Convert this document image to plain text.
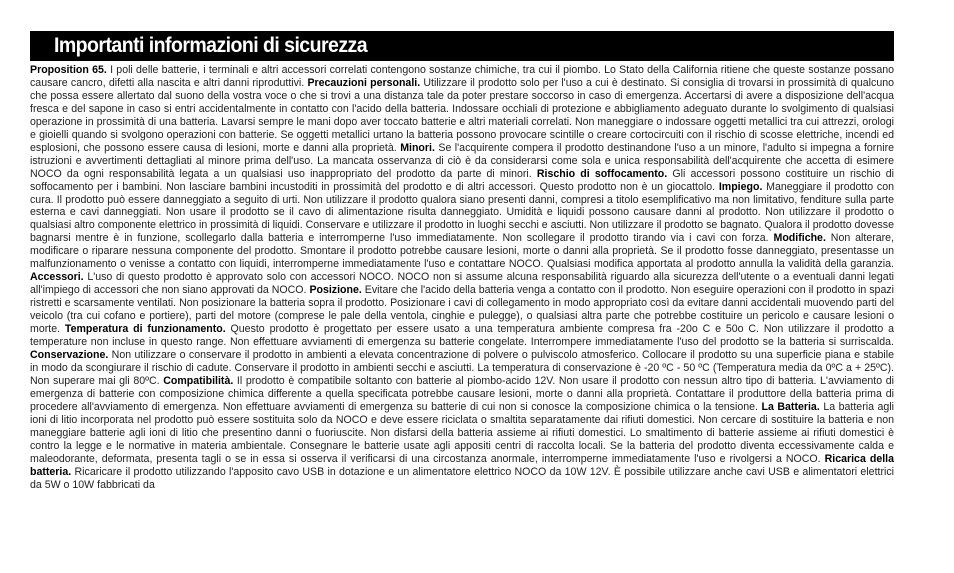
Importanti informazioni di sicurezza
Proposition 65. I poli delle batterie, i terminali e altri accessori correlati contengono sostanze chimiche, tra cui il piombo. Lo Stato della California ritiene che queste sostanze possano causare cancro, difetti alla nascita e altri danni riproduttivi. Precauzioni personali. Utilizzare il prodotto solo per l'uso a cui è destinato. Si consiglia di trovarsi in prossimità di qualcuno che possa essere allertato dal suono della vostra voce o che si trovi a una distanza tale da poter prestare soccorso in caso di emergenza. Accertarsi di avere a disposizione dell'acqua fresca e del sapone in caso si entri accidentalmente in contatto con l'acido della batteria. Indossare occhiali di protezione e abbigliamento adeguato durante lo svolgimento di qualsiasi operazione in prossimità di una batteria. Lavarsi sempre le mani dopo aver toccato batterie e altri materiali correlati. Non maneggiare o indossare oggetti metallici tra cui attrezzi, orologi e gioielli quando si svolgono operazioni con batterie. Se oggetti metallici urtano la batteria possono provocare scintille o creare cortocircuiti con il rischio di scosse elettriche, incendi ed esplosioni, che possono essere causa di lesioni, morte e danni alla proprietà. Minori. Se l'acquirente compera il prodotto destinandone l'uso a un minore, l'adulto si impegna a fornire istruzioni e avvertimenti dettagliati al minore prima dell'uso. La mancata osservanza di ciò è da considerarsi come sola e unica responsabilità dell'acquirente che accetta di esimere NOCO da ogni responsabilità legata a un qualsiasi uso inappropriato del prodotto da parte di minori. Rischio di soffocamento. Gli accessori possono costituire un rischio di soffocamento per i bambini. Non lasciare bambini incustoditi in prossimità del prodotto e di altri accessori. Questo prodotto non è un giocattolo. Impiego. Maneggiare il prodotto con cura. Il prodotto può essere danneggiato a seguito di urti. Non utilizzare il prodotto qualora siano presenti danni, compresi a titolo esemplificativo ma non limitativo, fenditure sulla parte esterna e cavi danneggiati. Non usare il prodotto se il cavo di alimentazione risulta danneggiato. Umidità e liquidi possono causare danni al prodotto. Non utilizzare il prodotto o qualsiasi altro componente elettrico in prossimità di liquidi. Conservare e utilizzare il prodotto in luoghi secchi e asciutti. Non utilizzare il prodotto se bagnato. Qualora il prodotto dovesse bagnarsi mentre è in funzione, scollegarlo dalla batteria e interromperne l'uso immediatamente. Non scollegare il prodotto tirando via i cavi con forza. Modifiche. Non alterare, modificare o riparare nessuna componente del prodotto. Smontare il prodotto potrebbe causare lesioni, morte o danni alla proprietà. Se il prodotto fosse danneggiato, presentasse un malfunzionamento o venisse a contatto con liquidi, interromperne immediatamente l'uso e contattare NOCO. Qualsiasi modifica apportata al prodotto annulla la validità della garanzia. Accessori. L'uso di questo prodotto è approvato solo con accessori NOCO. NOCO non si assume alcuna responsabilità riguardo alla sicurezza dell'utente o a eventuali danni legati all'impiego di accessori che non siano approvati da NOCO. Posizione. Evitare che l'acido della batteria venga a contatto con il prodotto. Non eseguire operazioni con il prodotto in spazi ristretti e scarsamente ventilati. Non posizionare la batteria sopra il prodotto. Posizionare i cavi di collegamento in modo appropriato così da evitare danni accidentali muovendo parti del veicolo (tra cui cofano e portiere), parti del motore (comprese le pale della ventola, cinghie e pulegge), o qualsiasi altra parte che potrebbe costituire un pericolo e causare lesioni o morte. Temperatura di funzionamento. Questo prodotto è progettato per essere usato a una temperatura ambiente compresa fra -20o C e 50o C. Non utilizzare il prodotto a temperature non incluse in questo range. Non effettuare avviamenti di emergenza su batterie congelate. Interrompere immediatamente l'uso del prodotto se la batteria si surriscalda. Conservazione. Non utilizzare o conservare il prodotto in ambienti a elevata concentrazione di polvere o pulviscolo atmosferico. Collocare il prodotto su una superficie piana e stabile in modo da scongiurare il rischio di cadute. Conservare il prodotto in ambienti secchi e asciutti. La temperatura di conservazione è -20 ºC - 50 ºC (Temperatura media da 0ºC a + 25ºC). Non superare mai gli 80ºC. Compatibilità. Il prodotto è compatibile soltanto con batterie al piombo-acido 12V. Non usare il prodotto con nessun altro tipo di batteria. L'avviamento di emergenza di batterie con composizione chimica differente a quella specificata potrebbe causare lesioni, morte o danni alla proprietà. Contattare il produttore della batteria prima di procedere all'avviamento di emergenza. Non effettuare avviamenti di emergenza su batterie di cui non si conosce la composizione chimica o la tensione. La Batteria. La batteria agli ioni di litio incorporata nel prodotto può essere sostituita solo da NOCO e deve essere riciclata o smaltita separatamente dai rifiuti domestici. Non cercare di sostituire la batteria e non maneggiare batterie agli ioni di litio che presentino danni o fuoriuscite. Non disfarsi della batteria assieme ai rifiuti domestici. Lo smaltimento di batterie assieme ai rifiuti domestici è contro la legge e le normative in materia ambientale. Consegnare le batterie usate agli appositi centri di raccolta locali. Se la batteria del prodotto diventa eccessivamente calda e maleodorante, deformata, presenta tagli o se in essa si osserva il verificarsi di una circostanza anormale, interromperne immediatamente l'uso e rivolgersi a NOCO. Ricarica della batteria. Ricaricare il prodotto utilizzando l'apposito cavo USB in dotazione e un alimentatore elettrico NOCO da 10W 12V. È possibile utilizzare anche cavi USB e alimentatori elettrici da 5W o 10W fabbricati da
